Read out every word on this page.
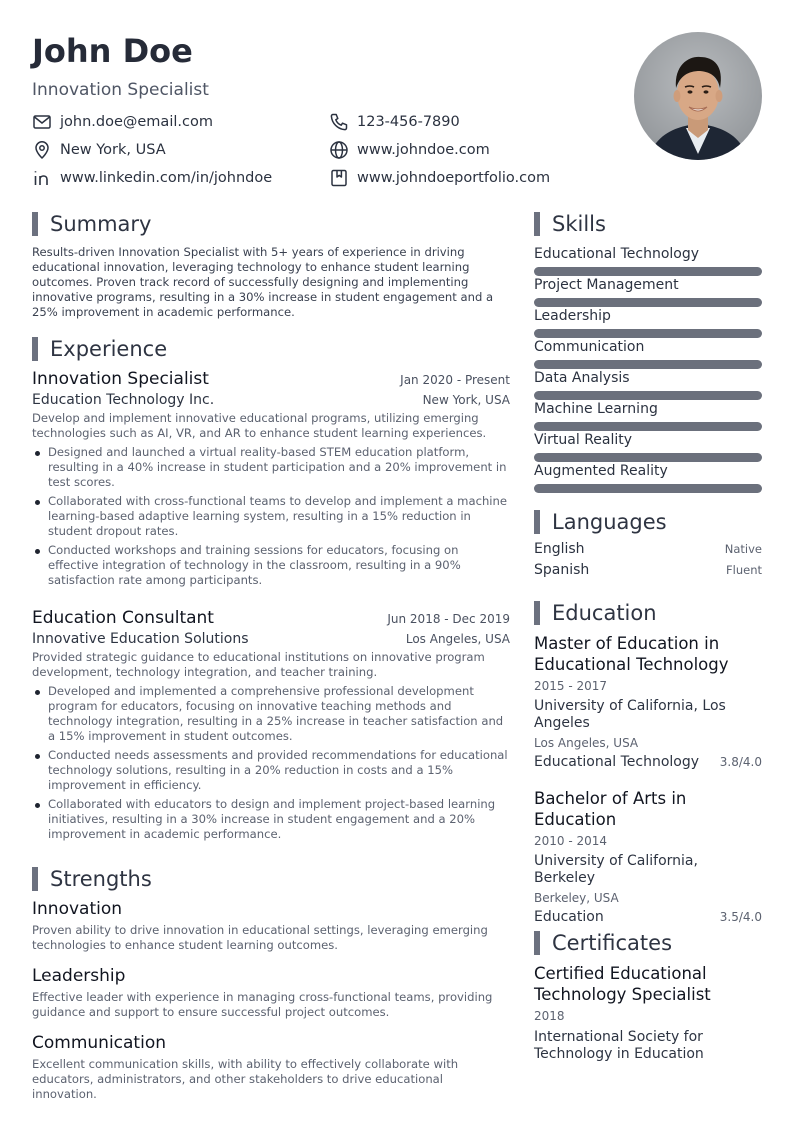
John Doe
Innovation Specialist
john.doe@email.com	123-456-7890
New York, USA	www.johndoe.com
www.linkedin.com/in/johndoe	www.johndoeportfolio.com
Summary
Results-driven Innovation Specialist with 5+ years of experience in driving educational innovation, leveraging technology to enhance student learning outcomes. Proven track record of successfully designing and implementing innovative programs, resulting in a 30% increase in student engagement and a 25% improvement in academic performance.
Experience
Innovation Specialist	Jan 2020 - Present
Education Technology Inc.	New York, USA
Develop and implement innovative educational programs, utilizing emerging technologies such as AI, VR, and AR to enhance student learning experiences.
Designed and launched a virtual reality-based STEM education platform, resulting in a 40% increase in student participation and a 20% improvement in test scores.
Collaborated with cross-functional teams to develop and implement a machine learning-based adaptive learning system, resulting in a 15% reduction in student dropout rates.
Conducted workshops and training sessions for educators, focusing on effective integration of technology in the classroom, resulting in a 90% satisfaction rate among participants.
Education Consultant	Jun 2018 - Dec 2019
Innovative Education Solutions	Los Angeles, USA
Provided strategic guidance to educational institutions on innovative program development, technology integration, and teacher training.
Developed and implemented a comprehensive professional development program for educators, focusing on innovative teaching methods and technology integration, resulting in a 25% increase in teacher satisfaction and a 15% improvement in student outcomes.
Conducted needs assessments and provided recommendations for educational technology solutions, resulting in a 20% reduction in costs and a 15% improvement in efficiency.
Collaborated with educators to design and implement project-based learning initiatives, resulting in a 30% increase in student engagement and a 20% improvement in academic performance.
Strengths
Innovation
Proven ability to drive innovation in educational settings, leveraging emerging technologies to enhance student learning outcomes.
Leadership
Effective leader with experience in managing cross-functional teams, providing guidance and support to ensure successful project outcomes.
Communication
Excellent communication skills, with ability to effectively collaborate with educators, administrators, and other stakeholders to drive educational innovation.
Skills
Educational Technology
Project Management
Leadership
Communication
Data Analysis
Machine Learning
Virtual Reality
Augmented Reality
Languages
English	Native
Spanish	Fluent
Education
Master of Education in Educational Technology
2015 - 2017
University of California, Los Angeles
Los Angeles, USA
Educational Technology 3.8/4.0
Bachelor of Arts in Education
2010 - 2014
University of California, Berkeley
Berkeley, USA
Education	3.5/4.0
Certificates
Certified Educational Technology Specialist
2018
International Society for Technology in Education
